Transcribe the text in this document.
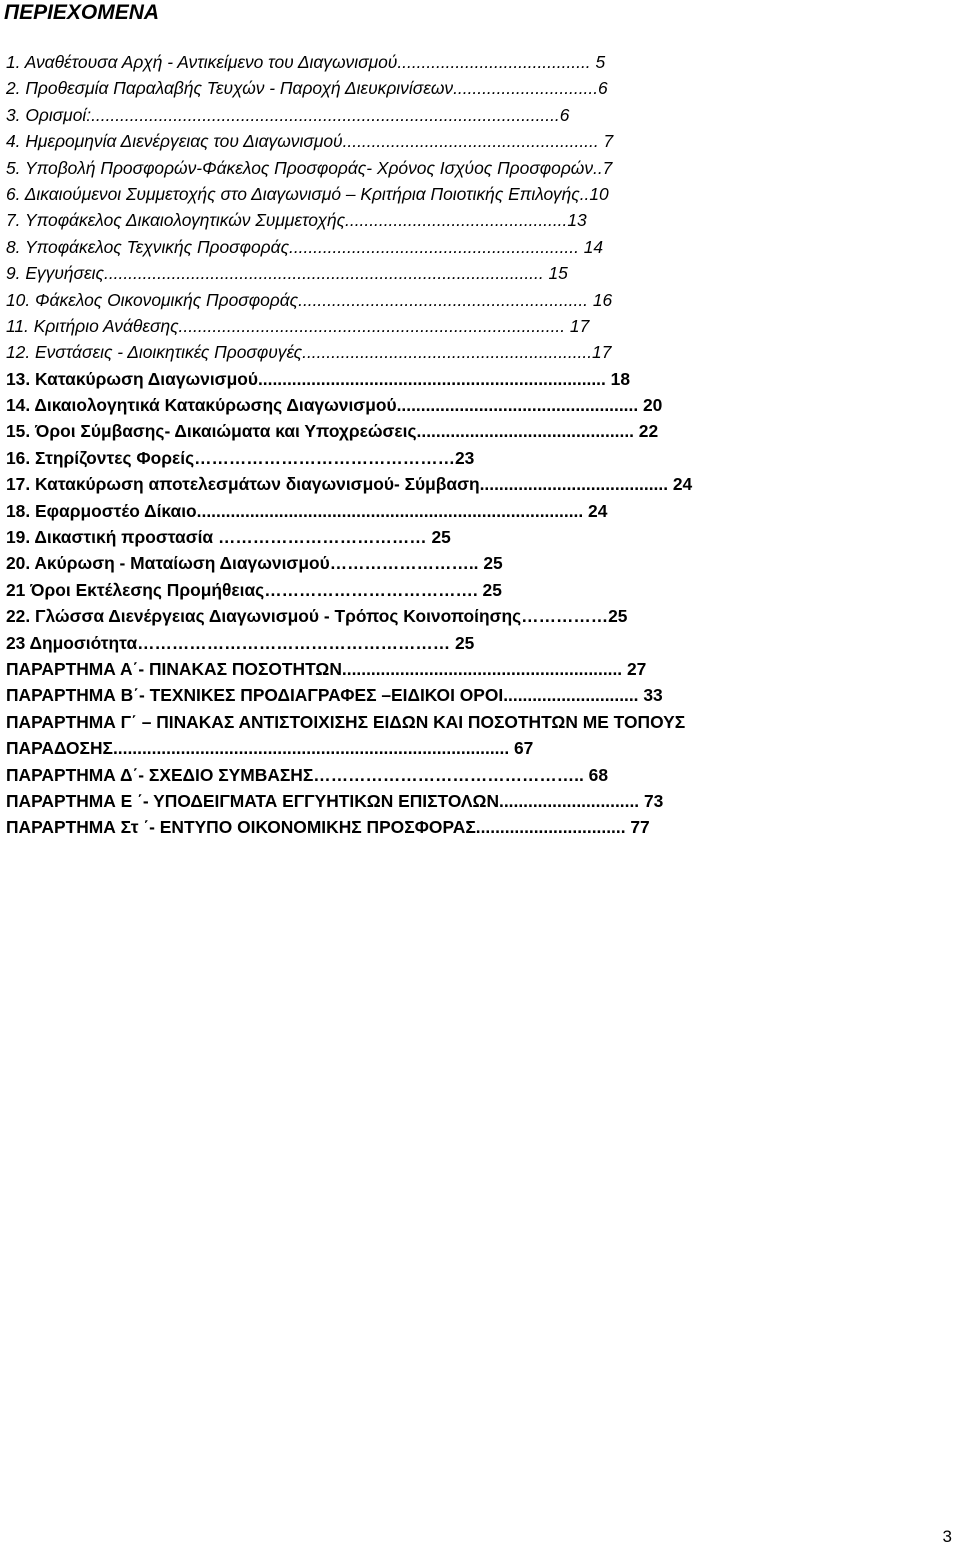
ΠΕΡΙΕΧΟΜΕΝΑ
1. Αναθέτουσα Αρχή - Αντικείμενο του Διαγωνισμού........................................ 5
2. Προθεσμία Παραλαβής Τευχών - Παροχή Διευκρινίσεων..............................6
3. Ορισμοί:.................................................................................................6
4. Ημερομηνία Διενέργειας του Διαγωνισμού..................................................... 7
5. Υποβολή Προσφορών-Φάκελος Προσφοράς- Χρόνος Ισχύος Προσφορών..7
6. Δικαιούμενοι Συμμετοχής στο Διαγωνισμό – Κριτήρια Ποιοτικής Επιλογής..10
7. Υποφάκελος Δικαιολογητικών Συμμετοχής..............................................13
8. Υποφάκελος Τεχνικής Προσφοράς............................................................ 14
9. Εγγυήσεις........................................................................................... 15
10. Φάκελος Οικονομικής Προσφοράς............................................................ 16
11. Κριτήριο Ανάθεσης................................................................................ 17
12. Ενστάσεις - Διοικητικές Προσφυγές............................................................17
13. Κατακύρωση Διαγωνισμού........................................................................ 18
14. Δικαιολογητικά Κατακύρωσης Διαγωνισμού.................................................. 20
15. Όροι Σύμβασης- Δικαιώματα και Υποχρεώσεις............................................. 22
16. Στηρίζοντες Φορείς………………………………………23
17. Κατακύρωση αποτελεσμάτων διαγωνισμού- Σύμβαση....................................... 24
18. Εφαρμοστέο Δίκαιο................................................................................ 24
19. Δικαστική προστασία ……………………………… 25
20. Ακύρωση - Ματαίωση Διαγωνισμού…………………….. 25
21 Όροι Εκτέλεσης Προμήθειας………………………………. 25
22. Γλώσσα Διενέργειας Διαγωνισμού - Τρόπος Κοινοποίησης……………25
23 Δημοσιότητα……………………………………………… 25
ΠΑΡΑΡΤΗΜΑ Α΄- ΠΙΝΑΚΑΣ ΠΟΣΟΤΗΤΩΝ.......................................................... 27
ΠΑΡΑΡΤΗΜΑ Β΄- ΤΕΧΝΙΚΕΣ ΠΡΟΔΙΑΓΡΑΦΕΣ –ΕΙΔΙΚΟΙ ΟΡΟΙ............................ 33
ΠΑΡΑΡΤΗΜΑ Γ΄ – ΠΙΝΑΚΑΣ ΑΝΤΙΣΤΟΙΧΙΣΗΣ ΕΙΔΩΝ ΚΑΙ ΠΟΣΟΤΗΤΩΝ ΜΕ ΤΟΠΟΥΣ
ΠΑΡΑΔΟΣΗΣ.................................................................................. 67
ΠΑΡΑΡΤΗΜΑ Δ΄- ΣΧΕΔΙΟ ΣΥΜΒΑΣΗΣ……………………………………….. 68
ΠΑΡΑΡΤΗΜΑ Ε ΄- ΥΠΟΔΕΙΓΜΑΤΑ ΕΓΓΥΗΤΙΚΩΝ ΕΠΙΣΤΟΛΩΝ............................. 73
ΠΑΡΑΡΤΗΜΑ Στ ΄- ΕΝΤΥΠΟ ΟΙΚΟΝΟΜΙΚΗΣ ΠΡΟΣΦΟΡΑΣ............................... 77

3
